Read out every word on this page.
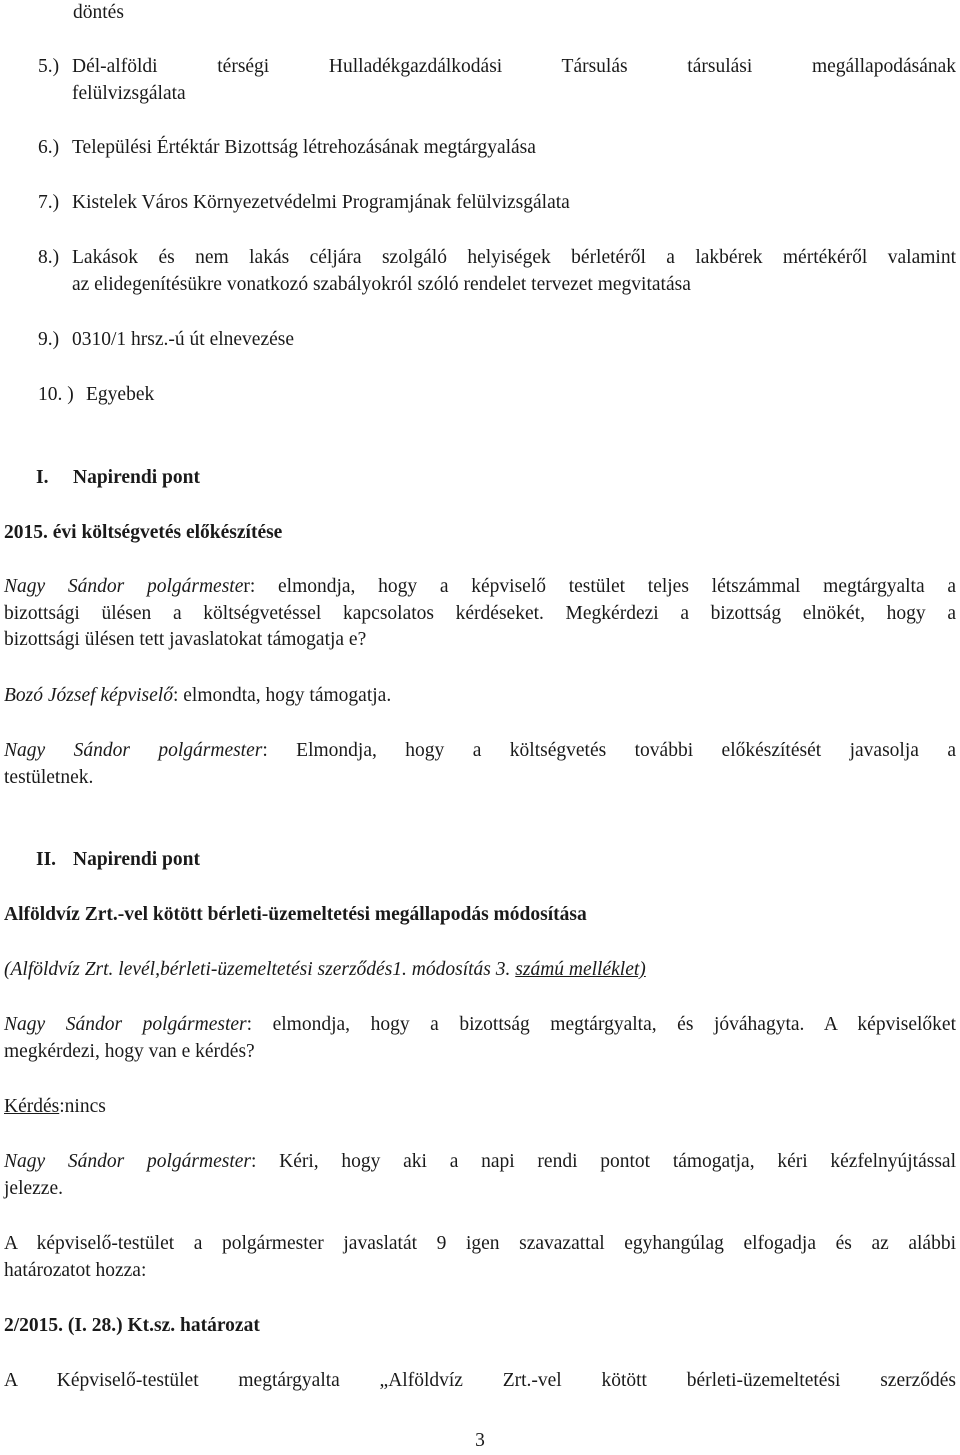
döntés
5.) Dél-alföldi térségi Hulladékgazdálkodási Társulás társulási megállapodásának
felülvizsgálata
6.) Települési Értéktár Bizottság létrehozásának megtárgyalása
7.) Kistelek Város Környezetvédelmi Programjának felülvizsgálata
8.) Lakások és nem lakás céljára szolgáló helyiségek bérletéről a lakbérek mértékéről valamint
az elidegenítésükre vonatkozó szabályokról szóló rendelet tervezet megvitatása
9.) 0310/1 hrsz.-ú út elnevezése
10. ) Egyebek
I. Napirendi pont
2015. évi költségvetés előkészítése
Nagy Sándor polgármester: elmondja, hogy a képviselő testület teljes létszámmal megtárgyalta a
bizottsági ülésen a költségvetéssel kapcsolatos kérdéseket. Megkérdezi a bizottság elnökét, hogy a
bizottsági ülésen tett javaslatokat támogatja e?
Bozó József képviselő: elmondta, hogy támogatja.
Nagy Sándor polgármester: Elmondja, hogy a költségvetés további előkészítését javasolja a
testületnek.
II. Napirendi pont
Alföldvíz Zrt.-vel kötött bérleti-üzemeltetési megállapodás módosítása
(Alföldvíz Zrt. levél,bérleti-üzemeltetési szerződés1. módosítás 3. számú melléklet)
Nagy Sándor polgármester: elmondja, hogy a bizottság megtárgyalta, és jóváhagyta. A képviselőket
megkérdezi, hogy van e kérdés?
Kérdés:nincs
Nagy Sándor polgármester: Kéri, hogy aki a napi rendi pontot támogatja, kéri kézfelnyújtással
jelezze.
A képviselő-testület a polgármester javaslatát 9 igen szavazattal egyhangúlag elfogadja és az alábbi
határozatot hozza:
2/2015. (I. 28.) Kt.sz. határozat
A Képviselő-testület megtárgyalta „Alföldvíz Zrt.-vel kötött bérleti-üzemeltetési szerződés
3
